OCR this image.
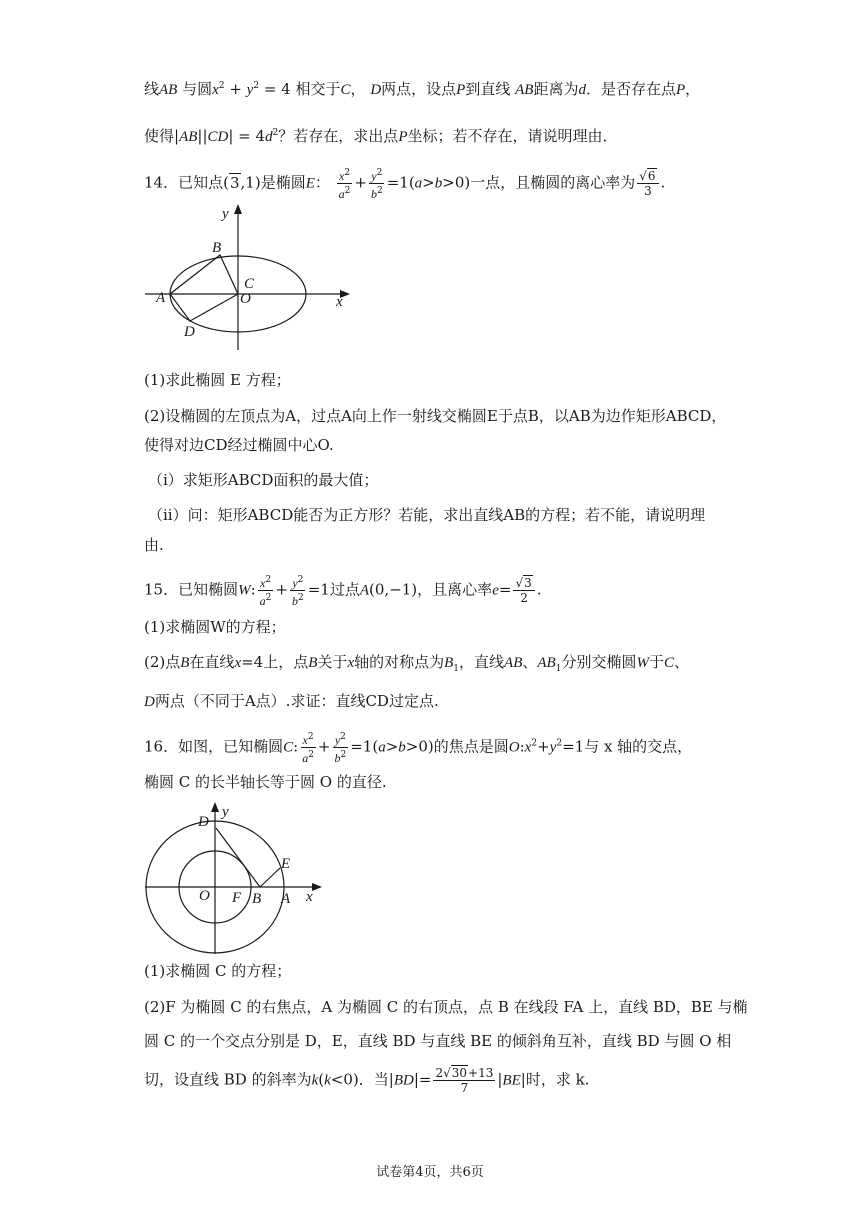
线AB 与圆$x^2 + y^2 = 4$ 相交于C， D两点，设点P到直线 AB距离为d．是否存在点P，
使得$|AB||CD| = 4d^2$？若存在，求出点P坐标；若不存在，请说明理由．
14．已知点(3,1)是椭圆E： $\frac{x^2}{a^2} + \frac{y^2}{b^2} =1(a>b>0)$一点，且椭圆的离心率为 $\frac{√6}{3}$ .
y
x
A
B
C
D
O
(1)求此椭圆 E 方程；
(2)设椭圆的左顶点为A，过点A向上作一射线交椭圆E于点B，以AB为边作矩形ABCD，
使得对边CD经过椭圆中心O.
（i）求矩形ABCD面积的最大值；
（ii）问：矩形ABCD能否为正方形？若能，求出直线AB的方程；若不能，请说明理
由.
15．已知椭圆W: $\frac{x^2}{a^2} + \frac{y^2}{b^2} =1$过点A(0,−1)，且离心率$e= \frac{√3}{2}$ .
(1)求椭圆W的方程；
(2)点B在直线x=4上，点B关于x轴的对称点为$B_1$，直线AB、$AB_1$分别交椭圆W于C、
D两点（不同于A点）.求证：直线CD过定点.
16．如图，已知椭圆C: $\frac{x^2}{a^2} + \frac{y^2}{b^2} =1(a>b>0)$的焦点是圆$O:x^2+y^2=1$与 x 轴的交点，
椭圆 C 的长半轴长等于圆 O 的直径.
y
D
E
O F B A x
(1)求椭圆 C 的方程；
(2)F 为椭圆 C 的右焦点，A 为椭圆 C 的右顶点，点 B 在线段 FA 上，直线 BD，BE 与椭
圆 C 的一个交点分别是 D，E，直线 BD 与直线 BE 的倾斜角互补，直线 BD 与圆 O 相
切，设直线 BD 的斜率为k(k<0)．当$|BD|= \frac{2√30+13}{7} |BE|$时，求 k.
试卷第4页，共6页
